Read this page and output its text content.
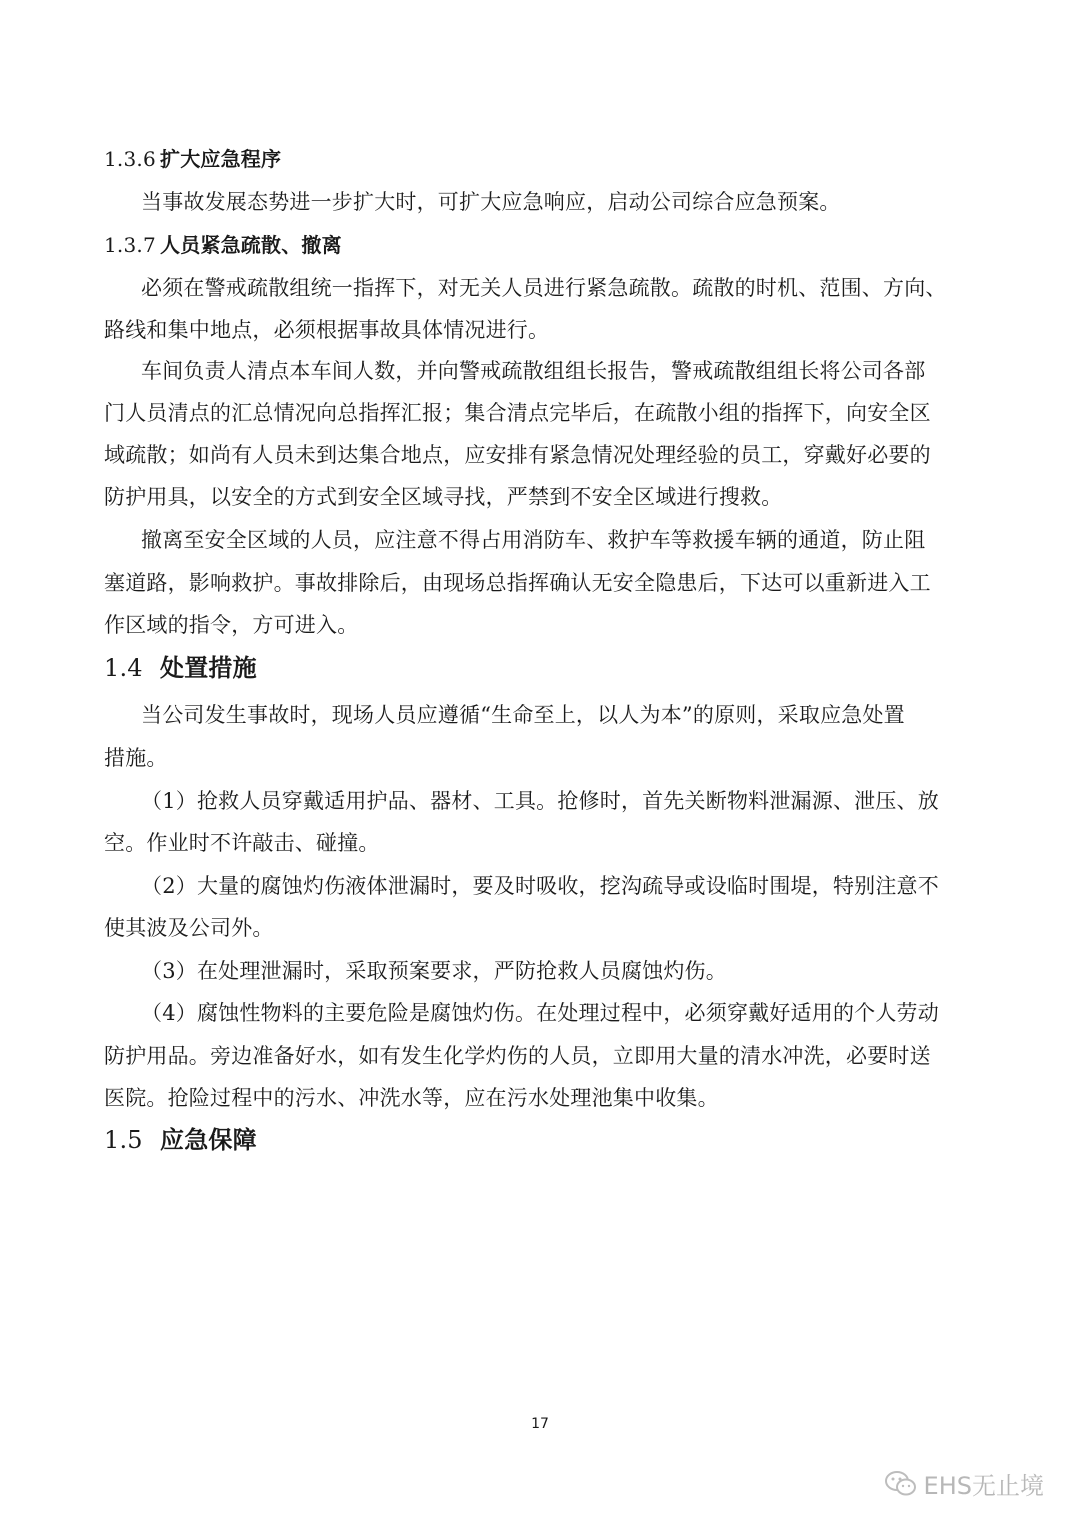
1.3.6 扩大应急程序
当事故发展态势进一步扩大时，可扩大应急响应，启动公司综合应急预案。
1.3.7 人员紧急疏散、撤离
必须在警戒疏散组统一指挥下，对无关人员进行紧急疏散。疏散的时机、范围、方向、
路线和集中地点，必须根据事故具体情况进行。
车间负责人清点本车间人数，并向警戒疏散组组长报告，警戒疏散组组长将公司各部
门人员清点的汇总情况向总指挥汇报；集合清点完毕后，在疏散小组的指挥下，向安全区
域疏散；如尚有人员未到达集合地点，应安排有紧急情况处理经验的员工，穿戴好必要的
防护用具，以安全的方式到安全区域寻找，严禁到不安全区域进行搜救。
撤离至安全区域的人员，应注意不得占用消防车、救护车等救援车辆的通道，防止阻
塞道路，影响救护。事故排除后，由现场总指挥确认无安全隐患后，下达可以重新进入工
作区域的指令，方可进入。
1.4 处置措施
当公司发生事故时，现场人员应遵循“生命至上，以人为本”的原则，采取应急处置
措施。
（1）抢救人员穿戴适用护品、器材、工具。抢修时，首先关断物料泄漏源、泄压、放
空。作业时不许敲击、碰撞。
（2）大量的腐蚀灼伤液体泄漏时，要及时吸收，挖沟疏导或设临时围堤，特别注意不
使其波及公司外。
（3）在处理泄漏时，采取预案要求，严防抢救人员腐蚀灼伤。
（4）腐蚀性物料的主要危险是腐蚀灼伤。在处理过程中，必须穿戴好适用的个人劳动
防护用品。旁边准备好水，如有发生化学灼伤的人员，立即用大量的清水冲洗，必要时送
医院。抢险过程中的污水、冲洗水等，应在污水处理池集中收集。
1.5 应急保障
17
EHS无止境
